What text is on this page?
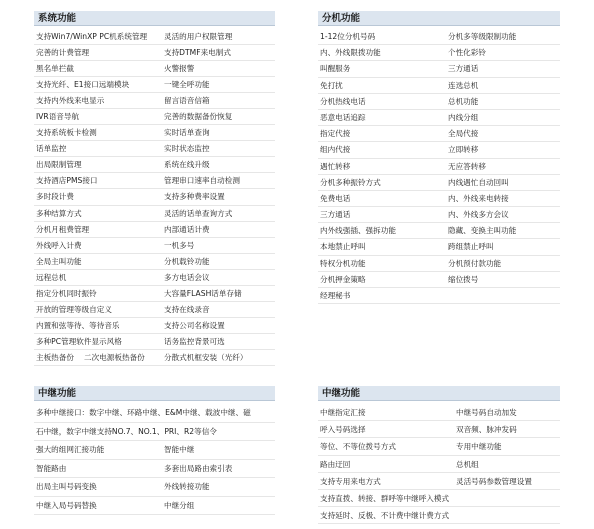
系统功能
支持Win7/WinXP PC机系统管理 灵活的用户权限管理
完善的计费管理	支持DTMF来电制式
黑名单拦截	火警报警
支持光纤、E1接口远端模块	一键全呼功能
支持内外线来电显示	留言语音信箱
IVR语音导航	完善的数据备份恢复
支持系统板卡检测	实时话单查询
话单监控	实时状态监控
出局限制管理	系统在线升级
支持酒店PMS接口	管理串口速率自动检测
多时段计费	支持多种费率设置
多种结算方式	灵活的话单查询方式
分机月租费管理	内部通话计费
外线呼入计费	一机多号
全局主叫功能	分机载铃功能
远程总机	多方电话会议
指定分机同时振铃	大容量FLASH话单存储
开放的管理等级自定义	支持在线录音
内置和弦等待、等待音乐	支持公司名称设置
多种PC管理软件显示风格	话务监控背景可选
主板热备份　 二次电源板热备份	分散式机框安装（光纤）
分机功能
1-12位分机号码	分机多等级限制功能
内、外线限拨功能	个性化彩铃
叫醒服务	三方通话
免打扰	连选总机
分机热线电话	总机功能
恶意电话追踪	内线分组
指定代接	全局代接
组内代接	立即转移
遇忙转移	无应答转移
分机多种振铃方式	内线遇忙自动回叫
免费电话	内、外线来电转接
三方通话	内、外线多方会议
内外线强插、强拆功能	隐藏、变换主叫功能
本地禁止呼叫	跨组禁止呼叫
特权分机功能	分机预付款功能
分机押金策略	缩位拨号
经理秘书
中继功能
多种中继接口：数字中继、环路中继、E&M中继、载波中继、磁
石中继，数字中继支持NO.7、NO.1、PRI、R2等信令
强大的组网汇接功能	智能中继
智能路由	多套出局路由索引表
出局主叫号码变换	外线转接功能
中继入局号码替换	中继分组
中继功能
中继指定汇接	中继号码自动加发
呼入号码选择	双音频、脉冲发码
等位、不等位拨号方式	专用中继功能
路由迂回	总机组
支持专用来电方式	灵活号码参数管理设置
支持直拨、转接、群呼等中继呼入模式
支持延时、反极、不计费中继计费方式
